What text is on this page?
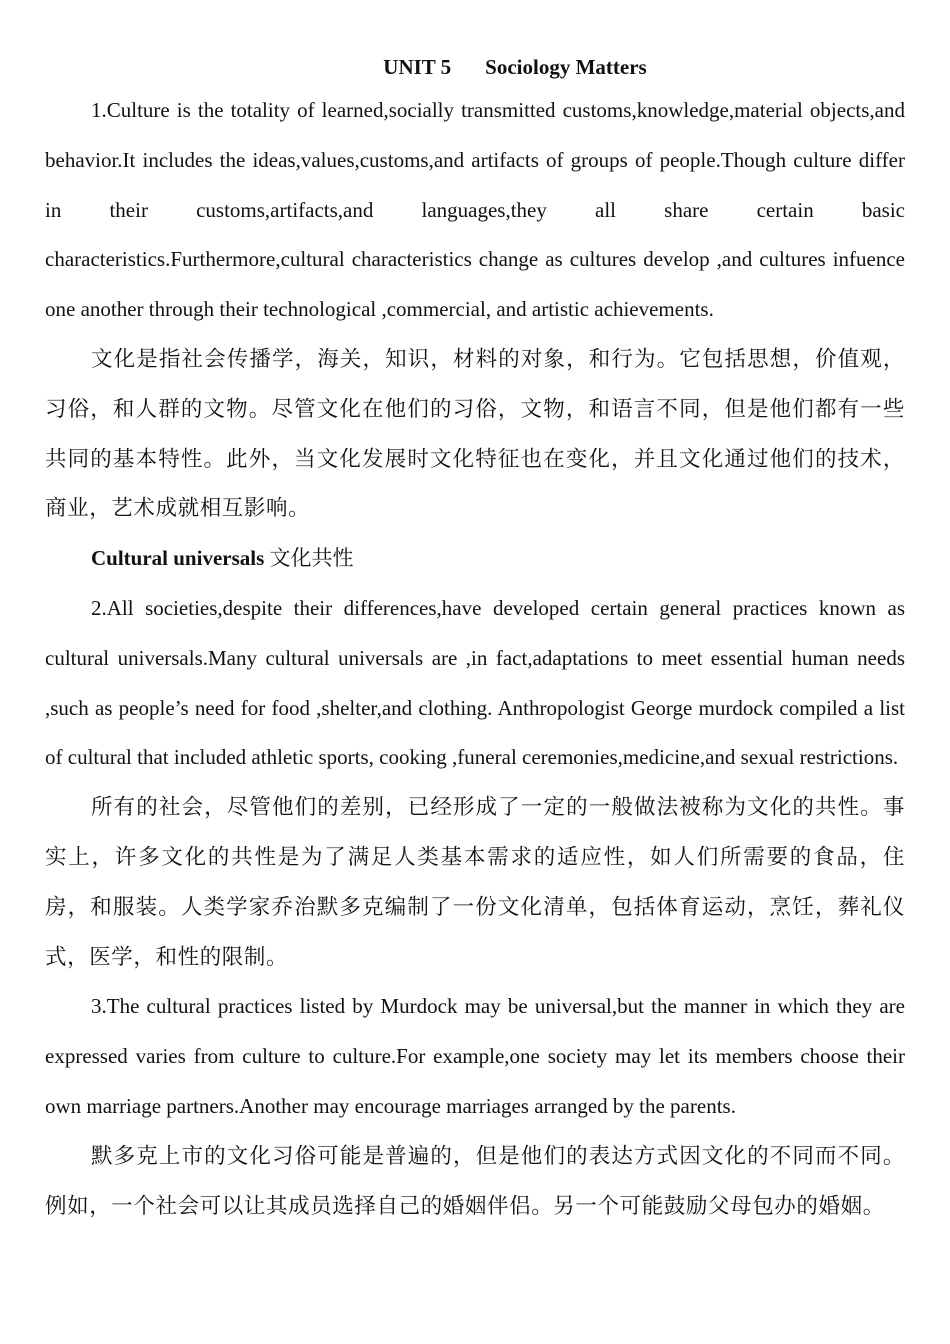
UNIT 5 Sociology Matters

1.Culture is the totality of learned,socially transmitted customs,knowledge,material objects,and behavior.It includes the ideas,values,customs,and artifacts of groups of people.Though culture differ in their customs,artifacts,and languages,they all share certain basic characteristics.Furthermore,cultural characteristics change as cultures develop ,and cultures infuence one another through their technological ,commercial, and artistic achievements.

文化是指社会传播学，海关，知识，材料的对象，和行为。它包括思想，价值观，习俗，和人群的文物。尽管文化在他们的习俗，文物，和语言不同，但是他们都有一些共同的基本特性。此外，当文化发展时文化特征也在变化，并且文化通过他们的技术，商业，艺术成就相互影响。

Cultural universals 文化共性

2.All societies,despite their differences,have developed certain general practices known as cultural universals.Many cultural universals are ,in fact,adaptations to meet essential human needs ,such as people’s need for food ,shelter,and clothing. Anthropologist George murdock compiled a list of cultural that included athletic sports, cooking ,funeral ceremonies,medicine,and sexual restrictions.

所有的社会，尽管他们的差别，已经形成了一定的一般做法被称为文化的共性。事实上，许多文化的共性是为了满足人类基本需求的适应性，如人们所需要的食品，住房，和服装。人类学家乔治默多克编制了一份文化清单，包括体育运动，烹饪，葬礼仪式，医学，和性的限制。

3.The cultural practices listed by Murdock may be universal,but the manner in which they are expressed varies from culture to culture.For example,one society may let its members choose their own marriage partners.Another may encourage marriages arranged by the parents.

默多克上市的文化习俗可能是普遍的，但是他们的表达方式因文化的不同而不同。例如，一个社会可以让其成员选择自己的婚姻伴侣。另一个可能鼓励父母包办的婚姻。
